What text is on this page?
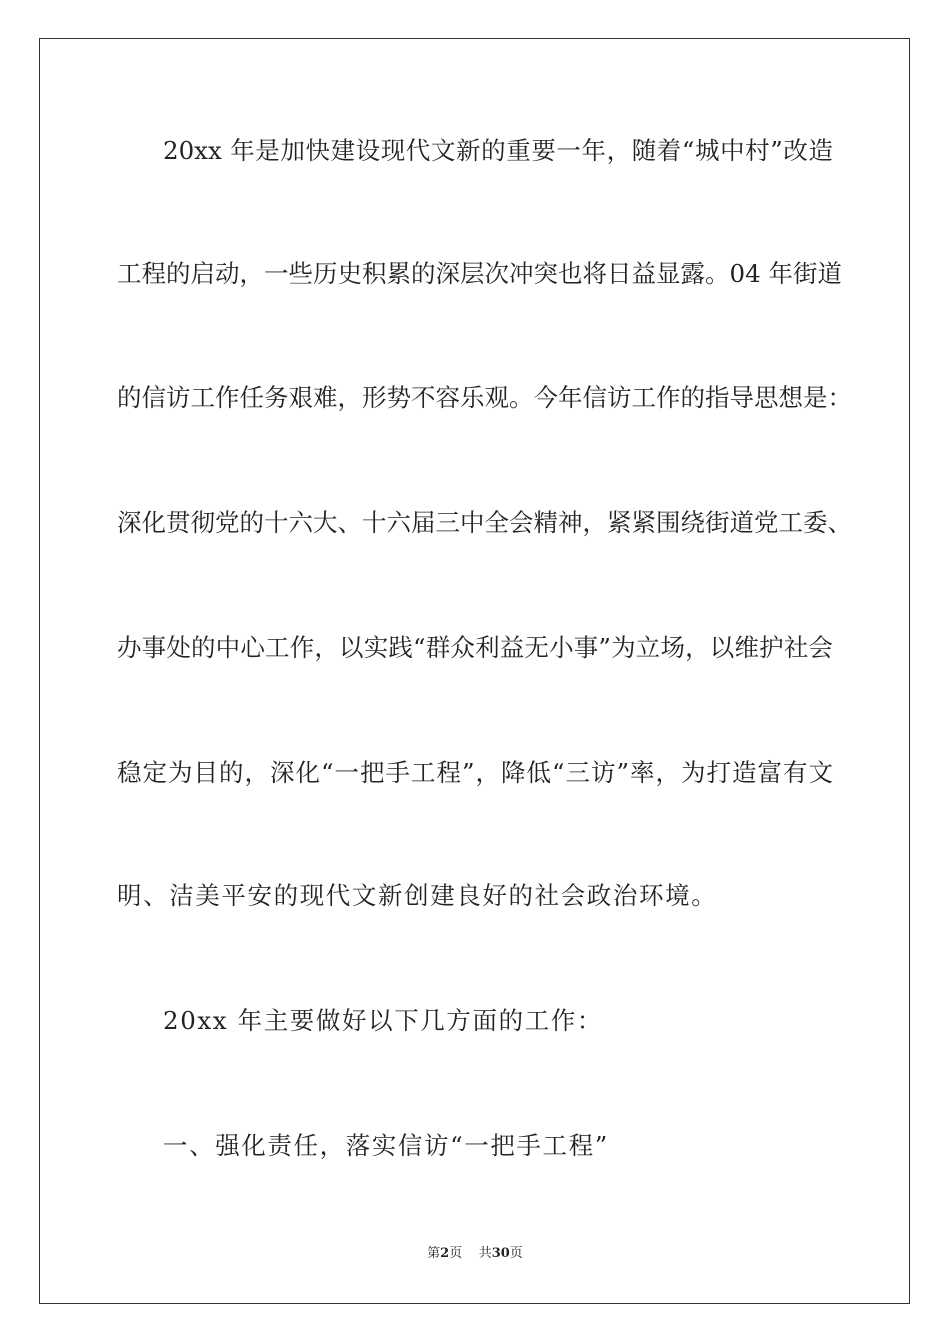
20xx 年是加快建设现代文新的重要一年，随着“城中村”改造
工程的启动，一些历史积累的深层次冲突也将日益显露。04 年街道
的信访工作任务艰难，形势不容乐观。今年信访工作的指导思想是：
深化贯彻党的十六大、十六届三中全会精神，紧紧围绕街道党工委、
办事处的中心工作，以实践“群众利益无小事”为立场，以维护社会
稳定为目的，深化“一把手工程”，降低“三访”率，为打造富有文
明、洁美平安的现代文新创建良好的社会政治环境。
20xx 年主要做好以下几方面的工作：
一、强化责任，落实信访“一把手工程”
第2页 共30页
